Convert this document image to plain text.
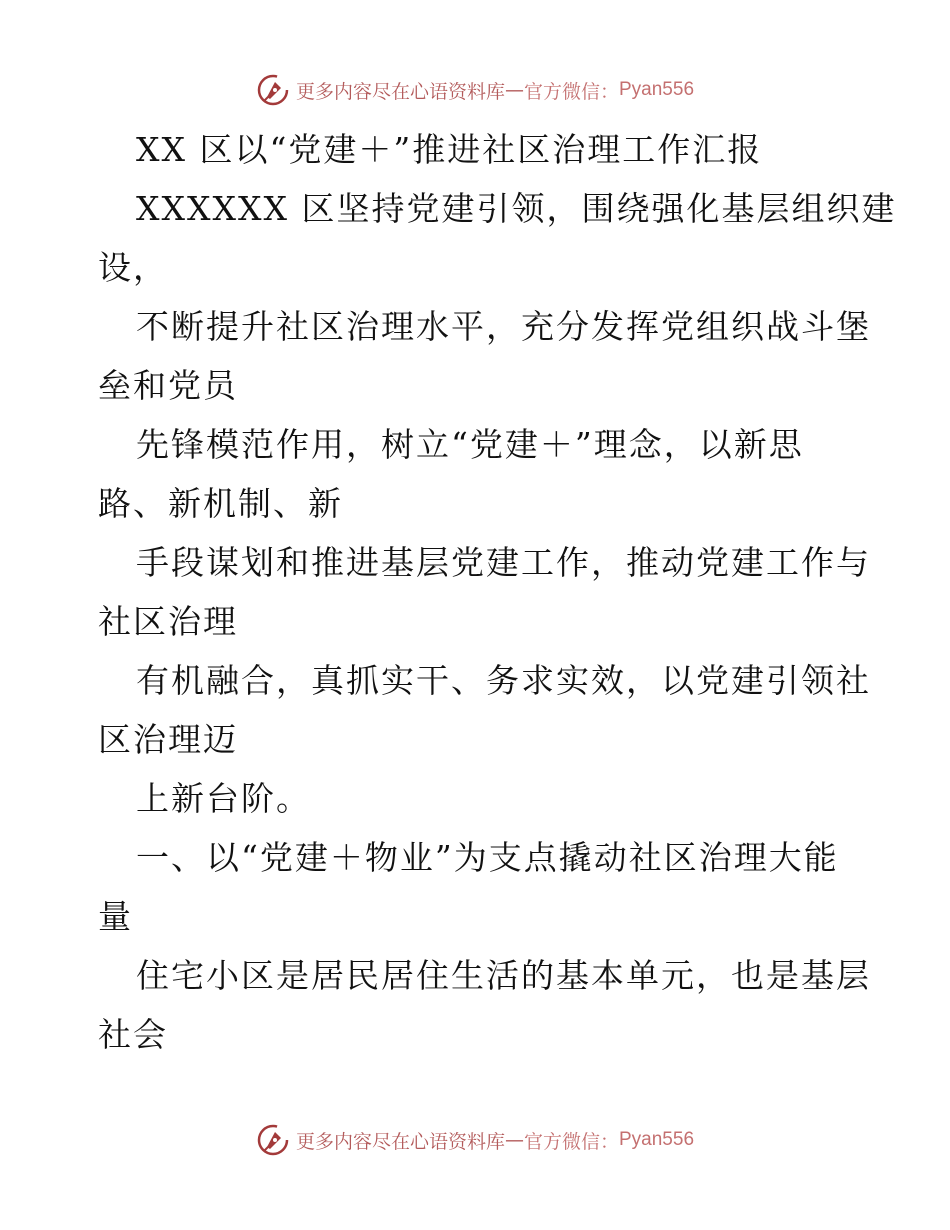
更多内容尽在心语资料库 — 官方微信： Pyan556
XX 区以“党建＋”推进社区治理工作汇报
XXXXXX 区坚持党建引领，围绕强化基层组织建
设，
不断提升社区治理水平，充分发挥党组织战斗堡
垒和党员
先锋模范作用，树立“党建＋”理念，以新思
路、新机制、新
手段谋划和推进基层党建工作，推动党建工作与
社区治理
有机融合，真抓实干、务求实效，以党建引领社
区治理迈
上新台阶。
一、以“党建＋物业”为支点撬动社区治理大能
量
住宅小区是居民居住生活的基本单元，也是基层
社会
更多内容尽在心语资料库 — 官方微信： Pyan556
